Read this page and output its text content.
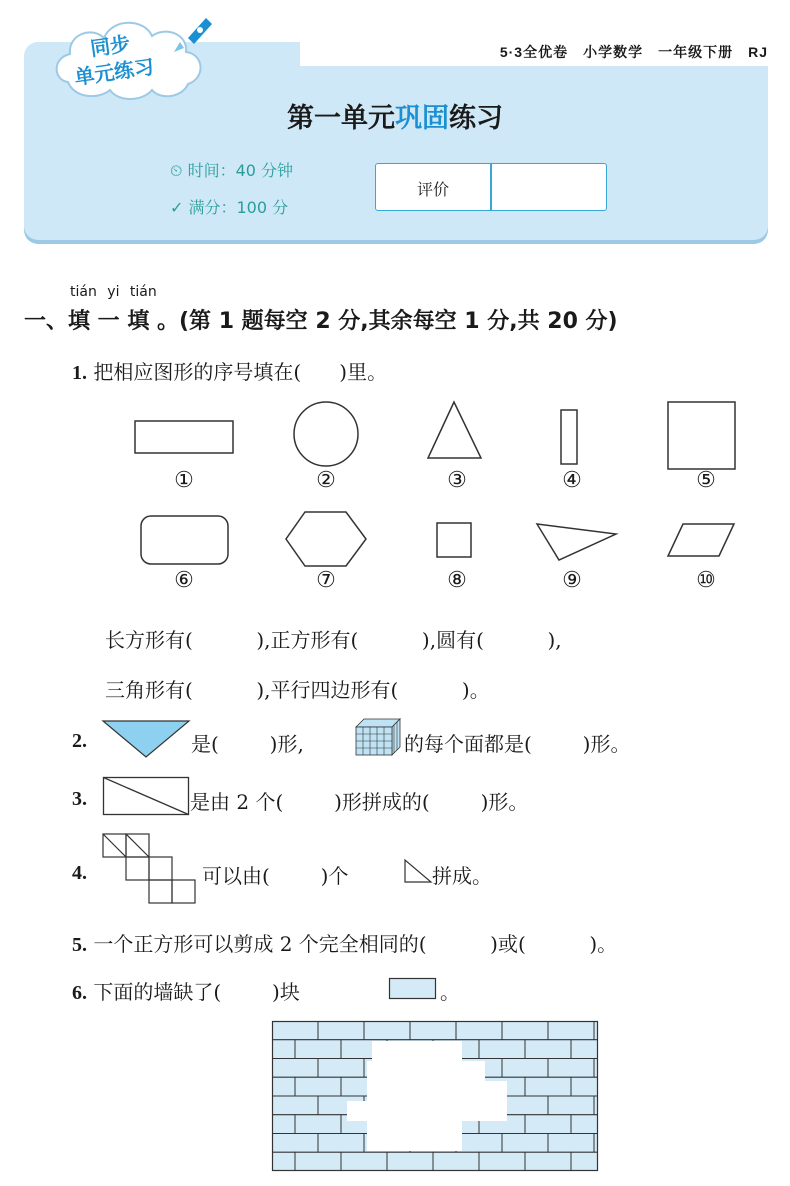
5·3全优卷　小学数学　一年级下册　RJ
同步
单元练习
第一单元巩固练习
⏲ 时间：40 分钟
✓ 满分：100 分
评价
tián yi tián
一、填 一 填 。(第 1 题每空 2 分,其余每空 1 分,共 20 分)
1. 把相应图形的序号填在(      )里。
①	②	③	④	⑤
⑥	⑦	⑧	⑨	⑩
长方形有(          ),正方形有(          ),圆有(          ),
三角形有(          ),平行四边形有(          )。
2.	是(        )形,	的每个面都是(        )形。
3.	是由 2 个(        )形拼成的(        )形。
4.	可以由(        )个	拼成。
5. 一个正方形可以剪成 2 个完全相同的(          )或(          )。
6. 下面的墙缺了(        )块	。
